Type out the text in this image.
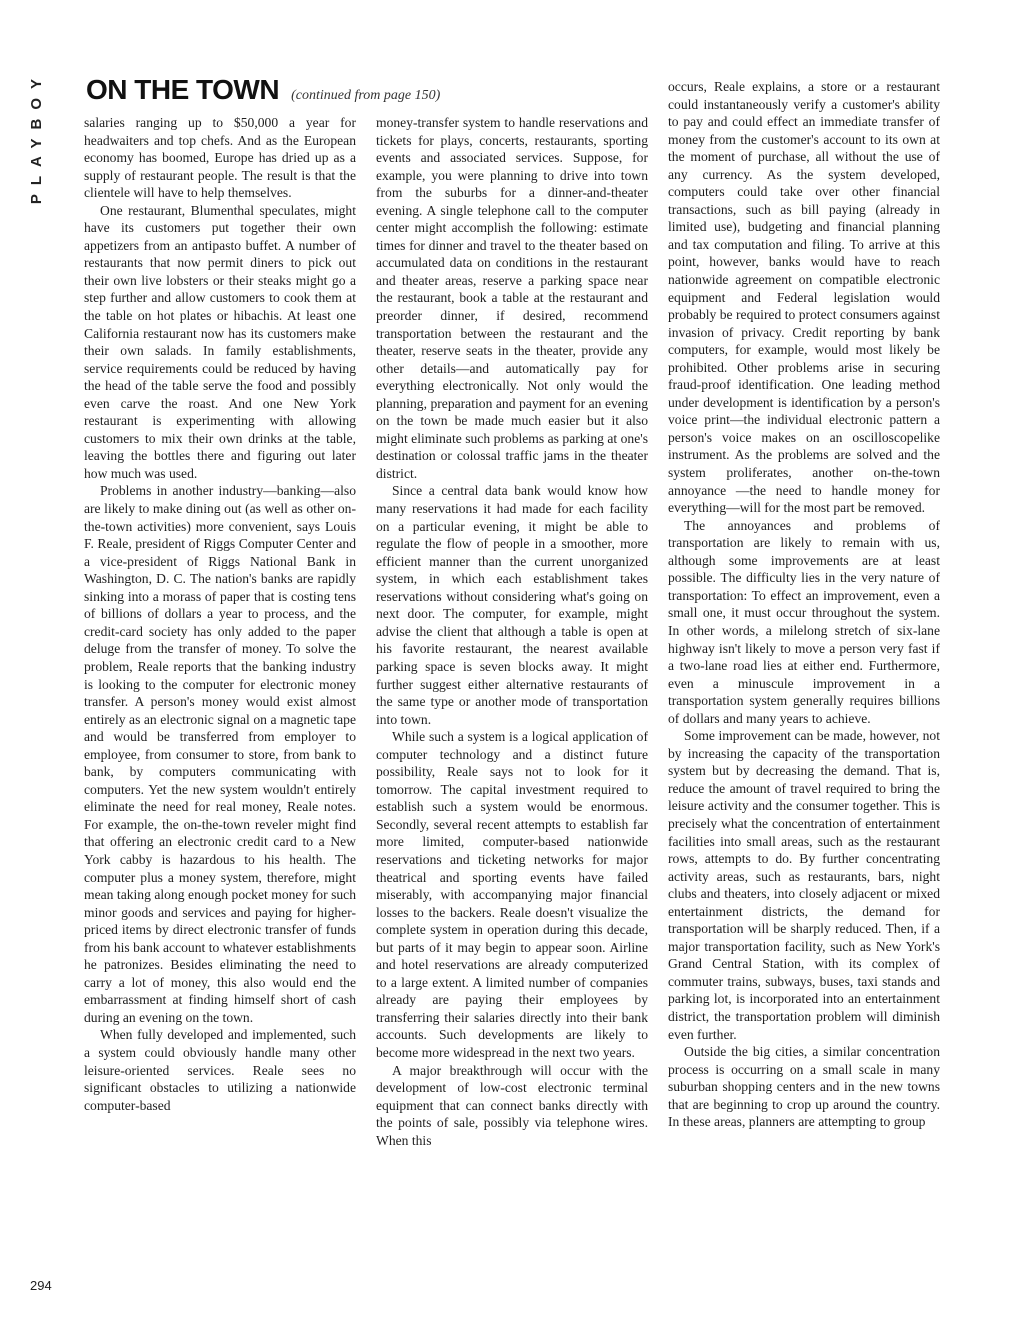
PLAYBOY ON THE TOWN (continued from page 150)

salaries ranging up to $50,000 a year for headwaiters and top chefs. And as the European economy has boomed, Europe has dried up as a supply of restaurant people. The result is that the clientele will have to help themselves.

One restaurant, Blumenthal speculates, might have its customers put together their own appetizers from an antipasto buffet. A number of restaurants that now permit diners to pick out their own live lobsters or their steaks might go a step further and allow customers to cook them at the table on hot plates or hibachis. At least one California restaurant now has its customers make their own salads. In family establishments, service requirements could be reduced by having the head of the table serve the food and possibly even carve the roast. And one New York restaurant is experimenting with allowing customers to mix their own drinks at the table, leaving the bottles there and figuring out later how much was used.

Problems in another industry—banking—also are likely to make dining out (as well as other on-the-town activities) more convenient, says Louis F. Reale, president of Riggs Computer Center and a vice-president of Riggs National Bank in Washington, D. C. The nation's banks are rapidly sinking into a morass of paper that is costing tens of billions of dollars a year to process, and the credit-card society has only added to the paper deluge from the transfer of money. To solve the problem, Reale reports that the banking industry is looking to the computer for electronic money transfer. A person's money would exist almost entirely as an electronic signal on a magnetic tape and would be transferred from employer to employee, from consumer to store, from bank to bank, by computers communicating with computers. Yet the new system wouldn't entirely eliminate the need for real money, Reale notes. For example, the on-the-town reveler might find that offering an electronic credit card to a New York cabby is hazardous to his health. The computer plus a money system, therefore, might mean taking along enough pocket money for such minor goods and services and paying for higher-priced items by direct electronic transfer of funds from his bank account to whatever establishments he patronizes. Besides eliminating the need to carry a lot of money, this also would end the embarrassment at finding himself short of cash during an evening on the town.

When fully developed and implemented, such a system could obviously handle many other leisure-oriented services. Reale sees no significant obstacles to utilizing a nationwide computer-based

money-transfer system to handle reservations and tickets for plays, concerts, restaurants, sporting events and associated services. Suppose, for example, you were planning to drive into town from the suburbs for a dinner-and-theater evening. A single telephone call to the computer center might accomplish the following: estimate times for dinner and travel to the theater based on accumulated data on conditions in the restaurant and theater areas, reserve a parking space near the restaurant, book a table at the restaurant and preorder dinner, if desired, recommend transportation between the restaurant and the theater, reserve seats in the theater, provide any other details—and automatically pay for everything electronically. Not only would the planning, preparation and payment for an evening on the town be made much easier but it also might eliminate such problems as parking at one's destination or colossal traffic jams in the theater district.

Since a central data bank would know how many reservations it had made for each facility on a particular evening, it might be able to regulate the flow of people in a smoother, more efficient manner than the current unorganized system, in which each establishment takes reservations without considering what's going on next door. The computer, for example, might advise the client that although a table is open at his favorite restaurant, the nearest available parking space is seven blocks away. It might further suggest either alternative restaurants of the same type or another mode of transportation into town.

While such a system is a logical application of computer technology and a distinct future possibility, Reale says not to look for it tomorrow. The capital investment required to establish such a system would be enormous. Secondly, several recent attempts to establish far more limited, computer-based nationwide reservations and ticketing networks for major theatrical and sporting events have failed miserably, with accompanying major financial losses to the backers. Reale doesn't visualize the complete system in operation during this decade, but parts of it may begin to appear soon. Airline and hotel reservations are already computerized to a large extent. A limited number of companies already are paying their employees by transferring their salaries directly into their bank accounts. Such developments are likely to become more widespread in the next two years.

A major breakthrough will occur with the development of low-cost electronic terminal equipment that can connect banks directly with the points of sale, possibly via telephone wires. When this

occurs, Reale explains, a store or a restaurant could instantaneously verify a customer's ability to pay and could effect an immediate transfer of money from the customer's account to its own at the moment of purchase, all without the use of any currency. As the system developed, computers could take over other financial transactions, such as bill paying (already in limited use), budgeting and financial planning and tax computation and filing. To arrive at this point, however, banks would have to reach nationwide agreement on compatible electronic equipment and Federal legislation would probably be required to protect consumers against invasion of privacy. Credit reporting by bank computers, for example, would most likely be prohibited. Other problems arise in securing fraud-proof identification. One leading method under development is identification by a person's voice print—the individual electronic pattern a person's voice makes on an oscilloscopelike instrument. As the problems are solved and the system proliferates, another on-the-town annoyance —the need to handle money for everything—will for the most part be removed.

The annoyances and problems of transportation are likely to remain with us, although some improvements are at least possible. The difficulty lies in the very nature of transportation: To effect an improvement, even a small one, it must occur throughout the system. In other words, a milelong stretch of six-lane highway isn't likely to move a person very fast if a two-lane road lies at either end. Furthermore, even a minuscule improvement in a transportation system generally requires billions of dollars and many years to achieve.

Some improvement can be made, however, not by increasing the capacity of the transportation system but by decreasing the demand. That is, reduce the amount of travel required to bring the leisure activity and the consumer together. This is precisely what the concentration of entertainment facilities into small areas, such as the restaurant rows, attempts to do. By further concentrating activity areas, such as restaurants, bars, night clubs and theaters, into closely adjacent or mixed entertainment districts, the demand for transportation will be sharply reduced. Then, if a major transportation facility, such as New York's Grand Central Station, with its complex of commuter trains, subways, buses, taxi stands and parking lot, is incorporated into an entertainment district, the transportation problem will diminish even further.

Outside the big cities, a similar concentration process is occurring on a small scale in many suburban shopping centers and in the new towns that are beginning to crop up around the country. In these areas, planners are attempting to group

294
